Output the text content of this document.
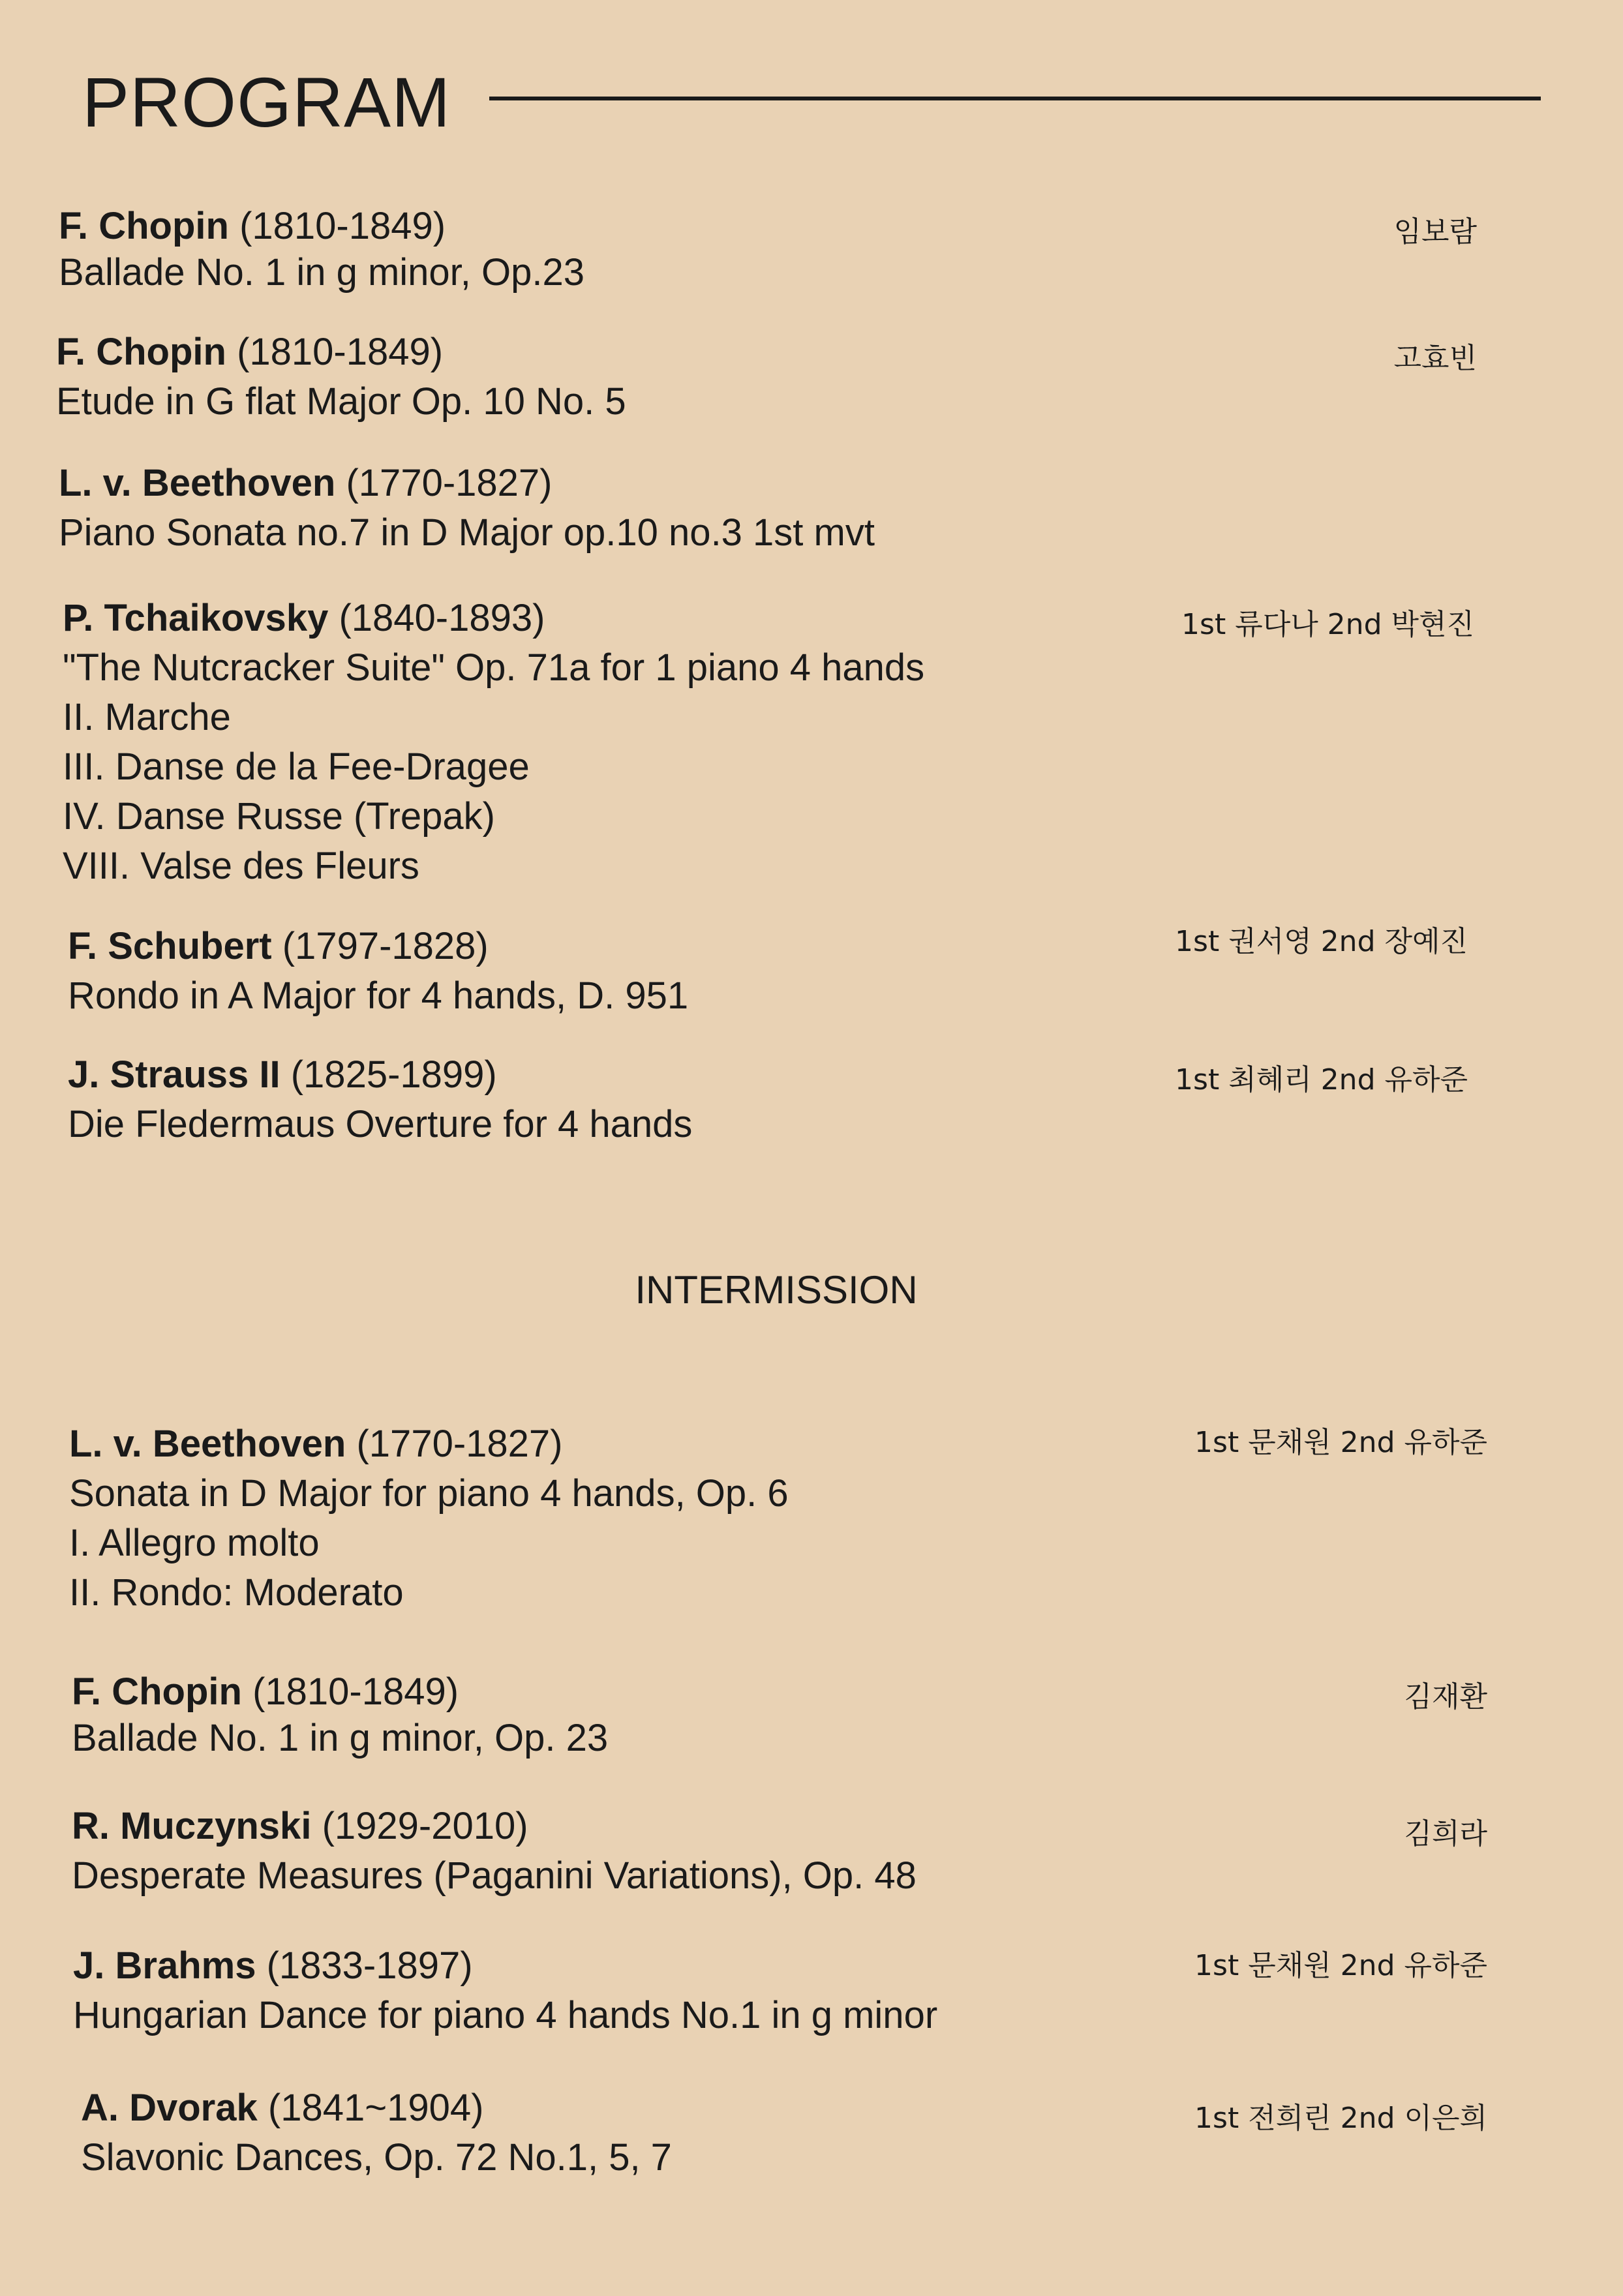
PROGRAM
F. Chopin (1810-1849)
Ballade No. 1 in g minor, Op.23
임보람
F. Chopin (1810-1849)
Etude in G flat Major Op. 10 No. 5
고효빈
L. v. Beethoven (1770-1827)
Piano Sonata no.7 in D Major op.10 no.3 1st mvt
P. Tchaikovsky (1840-1893)
"The Nutcracker Suite" Op. 71a for 1 piano 4 hands
II. Marche
III. Danse de la Fee-Dragee
IV. Danse Russe (Trepak)
VIII. Valse des Fleurs
1st 류다나 2nd 박현진
F. Schubert (1797-1828)
Rondo in A Major for 4 hands, D. 951
1st 권서영 2nd 장예진
J. Strauss II (1825-1899)
Die Fledermaus Overture for 4 hands
1st 최혜리 2nd 유하준
INTERMISSION
L. v. Beethoven (1770-1827)
Sonata in D Major for piano 4 hands, Op. 6
I. Allegro molto
II. Rondo: Moderato
1st 문채원 2nd 유하준
F. Chopin (1810-1849)
Ballade No. 1 in g minor, Op. 23
김재환
R. Muczynski (1929-2010)
Desperate Measures (Paganini Variations), Op. 48
김희라
J. Brahms (1833-1897)
Hungarian Dance for piano 4 hands No.1 in g minor
1st 문채원 2nd 유하준
A. Dvorak (1841~1904)
Slavonic Dances, Op. 72 No.1, 5, 7
1st 전희린 2nd 이은희
